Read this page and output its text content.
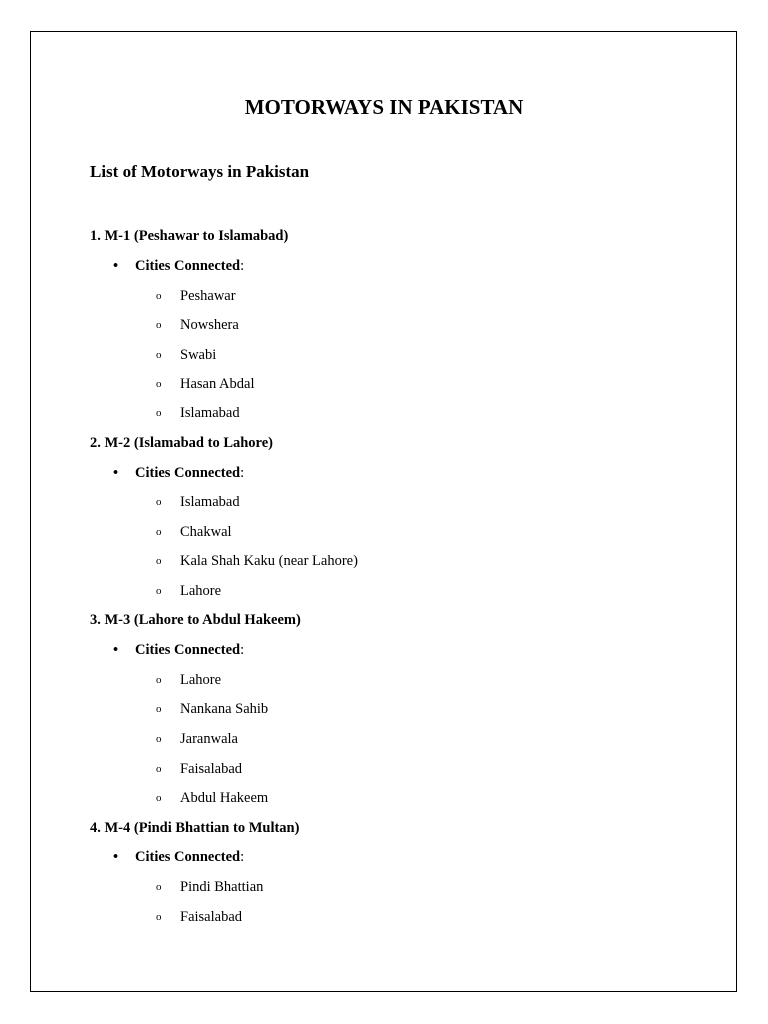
MOTORWAYS IN PAKISTAN
List of Motorways in Pakistan
1. M-1 (Peshawar to Islamabad)
• Cities Connected:
o Peshawar
o Nowshera
o Swabi
o Hasan Abdal
o Islamabad
2. M-2 (Islamabad to Lahore)
• Cities Connected:
o Islamabad
o Chakwal
o Kala Shah Kaku (near Lahore)
o Lahore
3. M-3 (Lahore to Abdul Hakeem)
• Cities Connected:
o Lahore
o Nankana Sahib
o Jaranwala
o Faisalabad
o Abdul Hakeem
4. M-4 (Pindi Bhattian to Multan)
• Cities Connected:
o Pindi Bhattian
o Faisalabad
